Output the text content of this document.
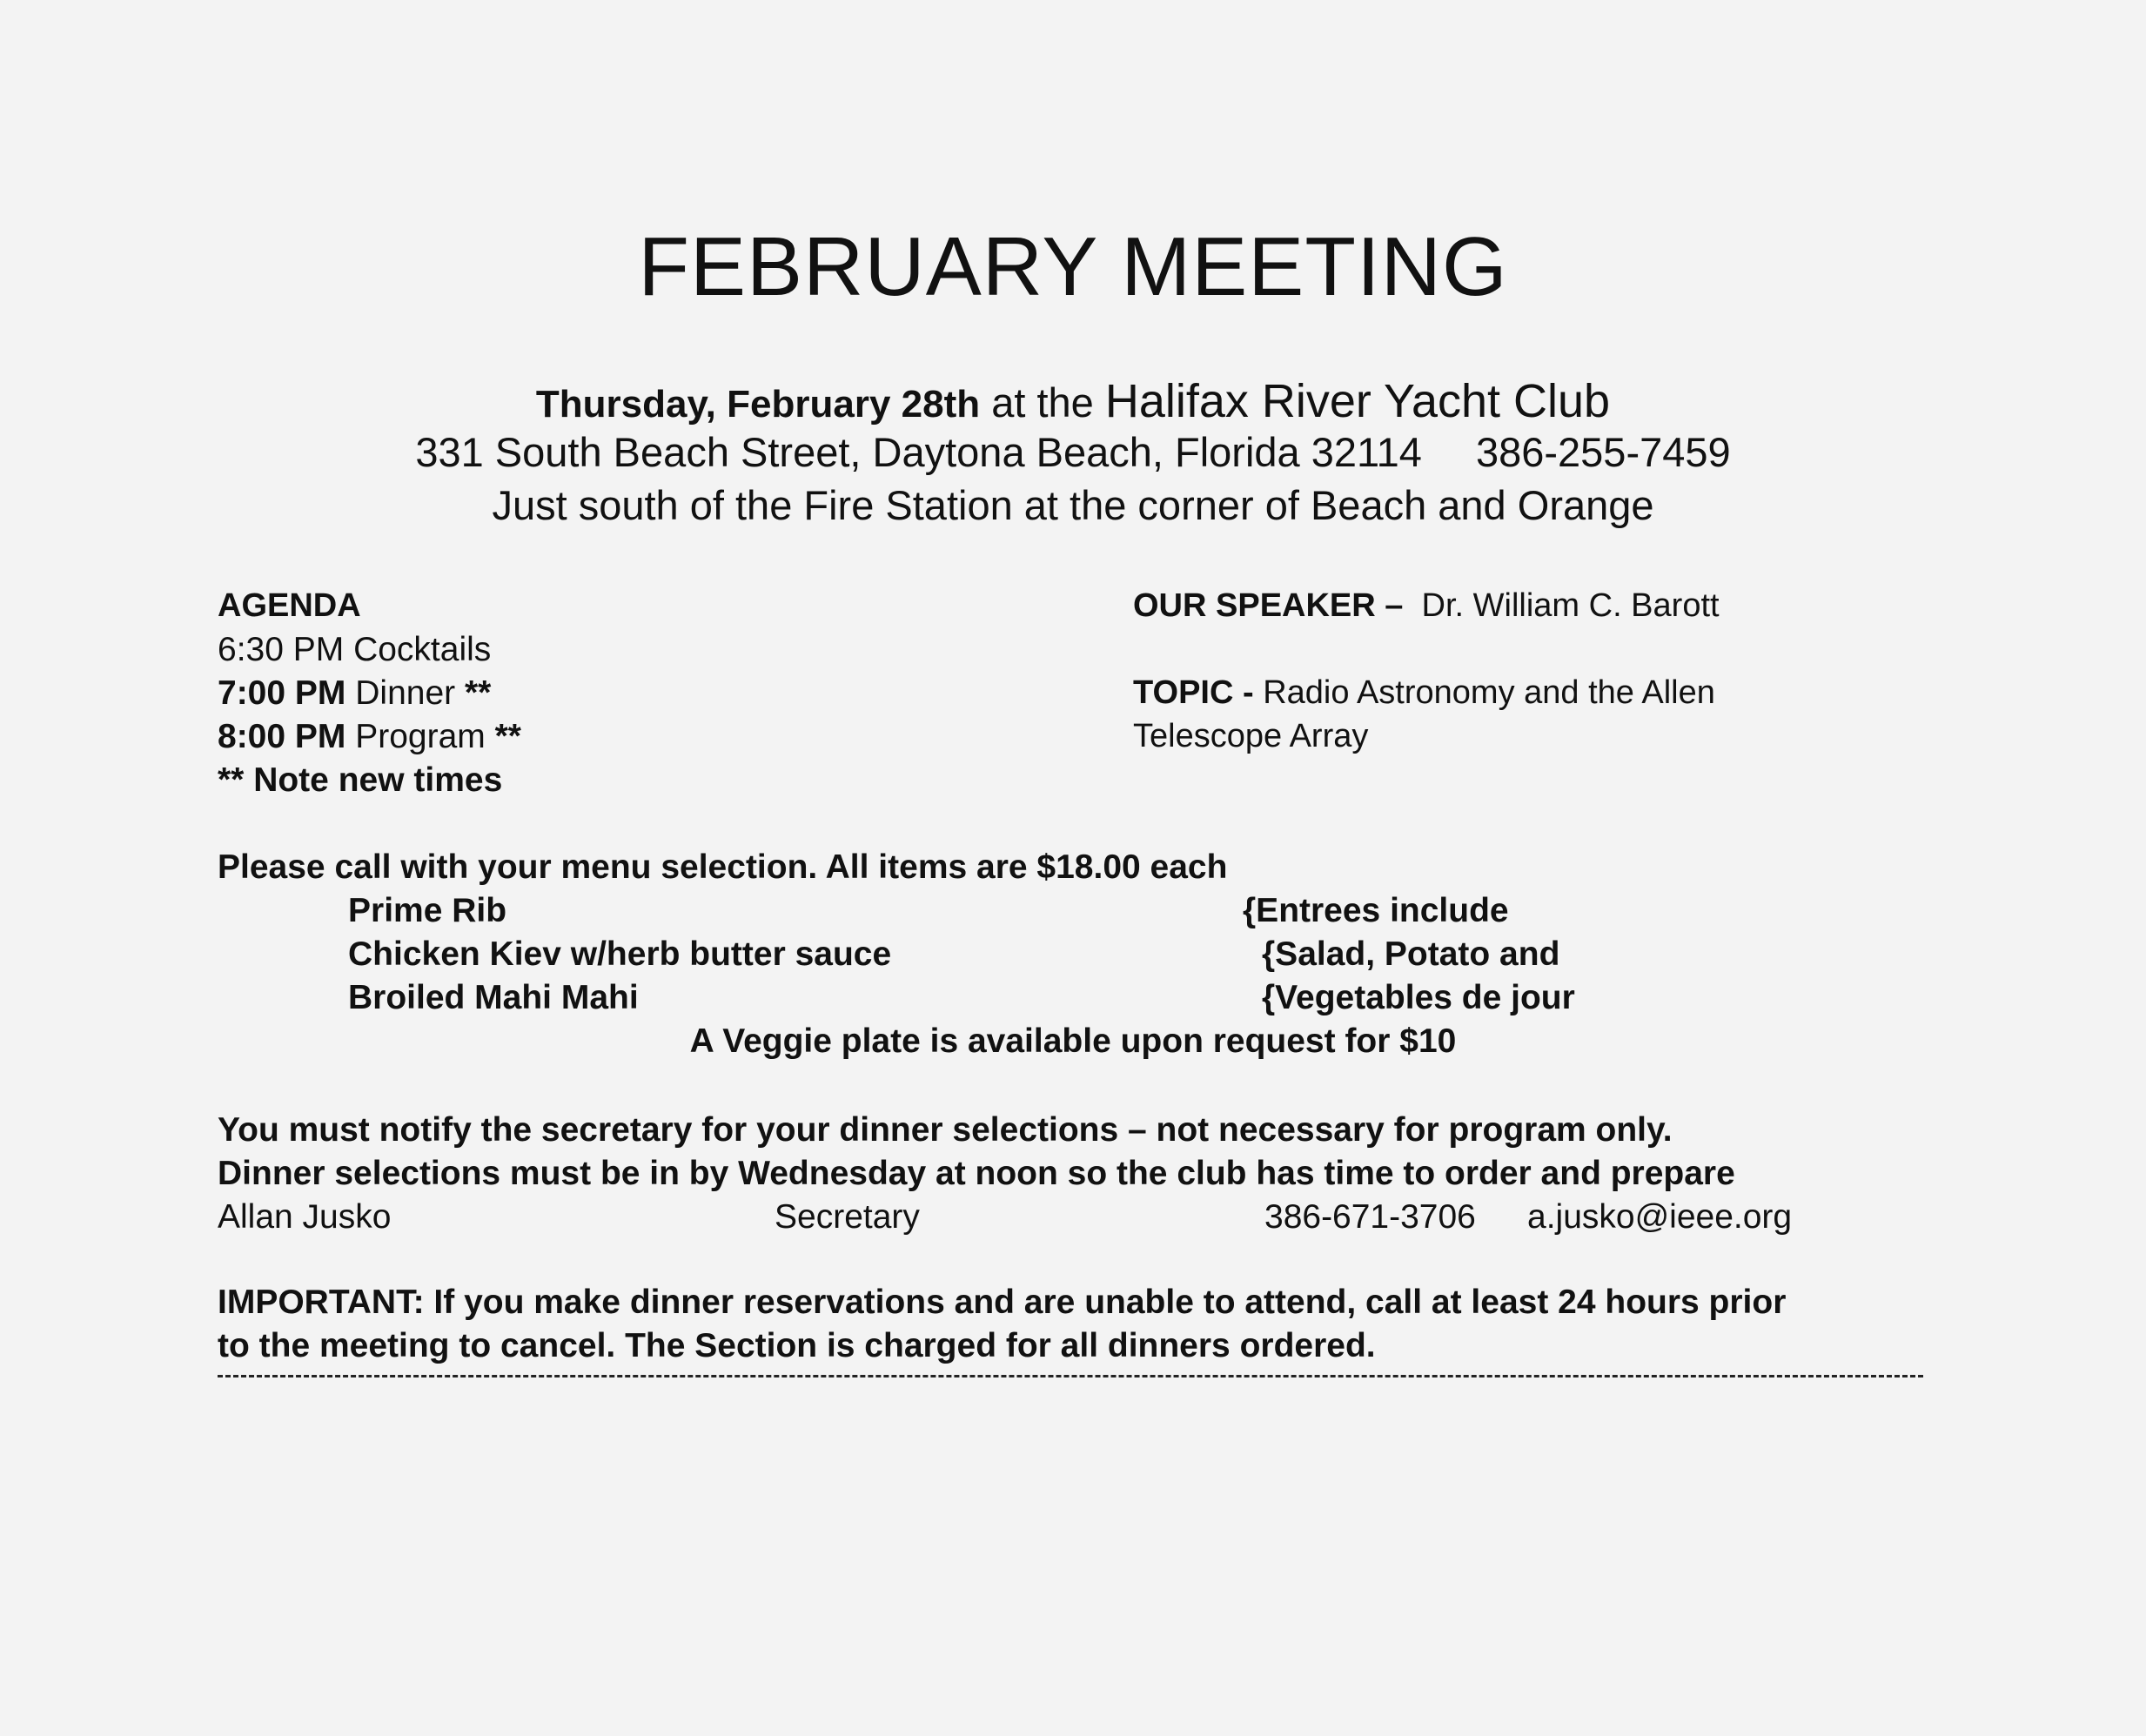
FEBRUARY MEETING
Thursday, February 28th at the Halifax River Yacht Club
331 South Beach Street, Daytona Beach, Florida 32114 386-255-7459
Just south of the Fire Station at the corner of Beach and Orange
AGENDA
6:30 PM Cocktails
7:00 PM Dinner **
8:00 PM Program **
** Note new times
OUR SPEAKER – Dr. William C. Barott
TOPIC - Radio Astronomy and the Allen
Telescope Array
Please call with your menu selection. All items are $18.00 each
Prime Rib
Chicken Kiev w/herb butter sauce
Broiled Mahi Mahi
{Entrees include
{Salad, Potato and
{Vegetables de jour
A Veggie plate is available upon request for $10
You must notify the secretary for your dinner selections – not necessary for program only.
Dinner selections must be in by Wednesday at noon so the club has time to order and prepare
Allan Jusko	Secretary	386-671-3706 a.jusko@ieee.org
IMPORTANT: If you make dinner reservations and are unable to attend, call at least 24 hours prior
to the meeting to cancel. The Section is charged for all dinners ordered.
